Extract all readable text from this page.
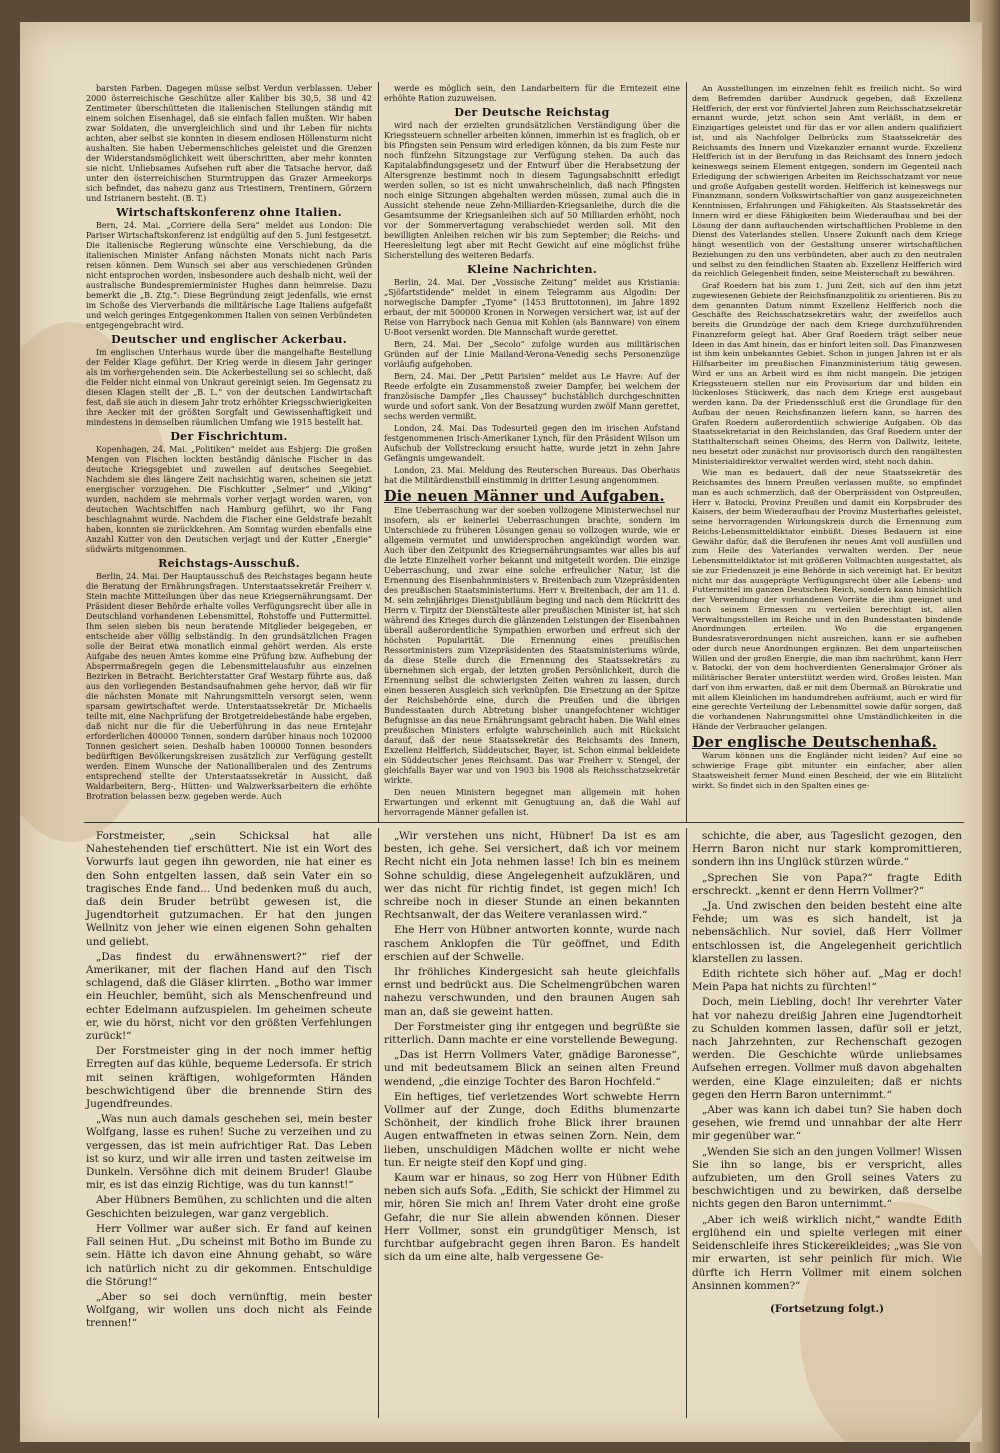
barsten Farben. Dagegen müsse selbst Verdun verblassen. Ueber 2000 österreichische Geschütze aller Kaliber bis 30,5, 38 und 42 Zentimeter überschütteten die italienischen Stellungen ständig mit einem solchen Eisenhagel, daß sie einfach fallen mußten. Wir haben zwar Soldaten, die unvergleichlich sind und ihr Leben für nichts achten, aber selbst sie konnten in diesem endlosen Höllensturm nicht aushalten. Sie haben Uebermenschliches geleistet und die Grenzen der Widerstandsmöglichkeit weit überschritten, aber mehr konnten sie nicht. Unliebsames Aufsehen ruft aber die Tatsache hervor, daß unter den österreichischen Sturmtruppen das Grazer Armeekorps sich befindet, das nahezu ganz aus Triestinern, Trentinern, Görzern und Istrianern besteht. (B. T.)

Wirtschaftskonferenz ohne Italien.

Bern, 24. Mai. „Corriere della Sera“ meldet aus London: Die Pariser Wirtschaftskonferenz ist endgültig auf den 5. Juni festgesetzt. Die italienische Regierung wünschte eine Verschiebung, da die italienischen Minister Anfang nächsten Monats nicht nach Paris reisen können. Dem Wunsch sei aber aus verschiedenen Gründen nicht entsprochen worden, insbesondere auch deshalb nicht, weil der australische Bundespremierminister Hughes dann heimreise. Dazu bemerkt die „B. Ztg.“: Diese Begründung zeigt jedenfalls, wie ernst im Schoße des Vierverbands die militärische Lage Italiens aufgefaßt und welch geringes Entgegenkommen Italien von seinen Verbündeten entgegengebracht wird.

Deutscher und englischer Ackerbau.

Im englischen Unterhaus wurde über die mangelhafte Bestellung der Felder Klage geführt. Der Krieg werde in diesem Jahr geringer als im vorhergehenden sein. Die Ackerbestellung sei so schlecht, daß die Felder nicht einmal von Unkraut gereinigt seien. Im Gegensatz zu diesen Klagen stellt der „B. L.“ von der deutschen Landwirtschaft fest, daß sie auch in diesem Jahr trotz erhöhter Kriegsschwierigkeiten ihre Aecker mit der größten Sorgfalt und Gewissenhaftigkeit und mindestens in demselben räumlichen Umfang wie 1915 bestellt hat.

Der Fischrichtum.

Kopenhagen, 24. Mai. „Politiken“ meldet aus Esbjerg: Die großen Mengen von Fischen lockten beständig dänische Fischer in das deutsche Kriegsgebiet und zuweilen auf deutsches Seegebiet. Nachdem sie dies längere Zeit nachsichtig waren, scheinen sie jetzt energischer vorzugehen. Die Fischkutter „Selmer“ und „Viking“ wurden, nachdem sie mehrmals vorher verjagt worden waren, von deutschen Wachtschiffen nach Hamburg geführt, wo ihr Fang beschlagnahmt wurde. Nachdem die Fischer eine Geldstrafe bezahlt haben, konnten sie zurückkehren. Am Sonntag wurden ebenfalls eine Anzahl Kutter von den Deutschen verjagt und der Kutter „Energie“ südwärts mitgenommen.

Reichstags-Ausschuß.

Berlin, 24. Mai. Der Hauptausschuß des Reichstages begann heute die Beratung der Ernährungsfragen. Unterstaatssekretär Freiherr v. Stein machte Mitteilungen über das neue Kriegsernährungsamt. Der Präsident dieser Behörde erhalte volles Verfügungsrecht über alle in Deutschland vorhandenen Lebensmittel, Rohstoffe und Futtermittel. Ihm seien sieben bis neun beratende Mitglieder beigegeben, er entscheide aber völlig selbständig. In den grundsätzlichen Fragen solle der Beirat etwa monatlich einmal gehört werden. Als erste Aufgabe des neuen Amtes komme eine Prüfung bzw. Aufhebung der Absperrmaßregeln gegen die Lebensmittelausfuhr aus einzelnen Bezirken in Betracht. Berichterstatter Graf Westarp führte aus, daß aus den vorliegenden Bestandsaufnahmen gehe hervor, daß wir für die nächsten Monate mit Nahrungsmitteln versorgt seien, wenn sparsam gewirtschaftet werde. Unterstaatssekretär Dr. Michaelis teilte mit, eine Nachprüfung der Brotgetreidebestände habe ergeben, daß nicht nur die für die Ueberführung in das neue Erntejahr erforderlichen 400000 Tonnen, sondern darüber hinaus noch 102000 Tonnen gesichert seien. Deshalb haben 100000 Tonnen besonders bedürftigen Bevölkerungskreisen zusätzlich zur Verfügung gestellt werden. Einem Wunsche der Nationalliberalen und des Zentrums entsprechend stellte der Unterstaatssekretär in Aussicht, daß Waldarbeitern, Berg-, Hütten- und Walzwerksarbeitern die erhöhte Brotration belassen bezw. gegeben werde. Auch

werde es möglich sein, den Landarbeitern für die Erntezeit eine erhöhte Ration zuzuweisen.

Der Deutsche Reichstag

wird nach der erzielten grundsätzlichen Verständigung über die Kriegssteuern schneller arbeiten können, immerhin ist es fraglich, ob er bis Pfingsten sein Pensum wird erledigen können, da bis zum Feste nur noch fünfzehn Sitzungstage zur Verfügung stehen. Da auch das Kapitalabfindungsgesetz und der Entwurf über die Herabsetzung der Altersgrenze bestimmt noch in diesem Tagungsabschnitt erledigt werden sollen, so ist es nicht unwahrscheinlich, daß nach Pfingsten noch einige Sitzungen abgehalten werden müssen, zumal auch die in Aussicht stehende neue Zehn-Milliarden-Kriegsanleihe, durch die die Gesamtsumme der Kriegsanleihen sich auf 50 Milliarden erhöht, noch vor der Sommervertagung verabschiedet werden soll. Mit den bewilligten Anleihen reichen wir bis zum September; die Reichs- und Heeresleitung legt aber mit Recht Gewicht auf eine möglichst frühe Sicherstellung des weiteren Bedarfs.

Kleine Nachrichten.

Berlin, 24. Mai. Der „Vossische Zeitung“ meldet aus Kristiania: „Sjöfartstidende“ meldet in einem Telegramm aus Algodin: Der norwegische Dampfer „Tyome“ (1453 Bruttotonnen), im Jahre 1892 erbaut, der mit 500000 Kronen in Norwegen versichert war, ist auf der Reise von Harrybock nach Genua mit Kohlen (als Bannware) von einem U-Boot versenkt worden. Die Mannschaft wurde gerettet.

Bern, 24. Mai. Der „Secolo“ zufolge wurden aus militärischen Gründen auf der Linie Mailand-Verona-Venedig sechs Personenzüge vorläufig aufgehoben.

Bern, 24. Mai. Der „Petit Parisien“ meldet aus Le Havre: Auf der Reede erfolgte ein Zusammenstoß zweier Dampfer, bei welchem der französische Dampfer „Iles Chaussey“ buchstäblich durchgeschnitten wurde und sofort sank. Von der Besatzung wurden zwölf Mann gerettet, sechs werden vermißt.

London, 24. Mai. Das Todesurteil gegen den im irischen Aufstand festgenommenen Irisch-Amerikaner Lynch, für den Präsident Wilson um Aufschub der Vollstreckung ersucht hatte, wurde jetzt in zehn Jahre Gefängnis umgewandelt.

London, 23. Mai. Meldung des Reuterschen Bureaus. Das Oberhaus hat die Militärdienstbill einstimmig in dritter Lesung angenommen.

Die neuen Männer und Aufgaben.

Eine Ueberraschung war der soeben vollzogene Ministerwechsel nur insofern, als er keinerlei Ueberraschungen brachte, sondern im Unterschiede zu früheren Lösungen genau so vollzogen wurde, wie er allgemein vermutet und unwidersprochen angekündigt worden war. Auch über den Zeitpunkt des Kriegsernährungsamtes war alles bis auf die letzte Einzelheit vorher bekannt und mitgeteilt worden. Die einzige Ueberraschung, und zwar eine solche erfreulicher Natur, ist die Ernennung des Eisenbahnministers v. Breitenbach zum Vizepräsidenten des preußischen Staatsministeriums. Herr v. Breitenbach, der am 11. d. M. sein zehnjähriges Dienstjubiläum beging und nach dem Rücktritt des Herrn v. Tirpitz der Dienstälteste aller preußischen Minister ist, hat sich während des Krieges durch die glänzenden Leistungen der Eisenbahnen überall außerordentliche Sympathien erworben und erfreut sich der höchsten Popularität. Die Ernennung eines preußischen Ressortministers zum Vizepräsidenten des Staatsministeriums würde, da diese Stelle durch die Ernennung des Staatssekretärs zu übernehmen sich ergab, der letzten großen Persönlichkeit, durch die Ernennung selbst die schwierigsten Zeiten wahren zu lassen, durch einen besseren Ausgleich sich verknüpfen. Die Ersetzung an der Spitze der Reichsbehörde eine, durch die Preußen und die übrigen Bundesstaaten durch Abtretung bisher unangefochtener wichtiger Befugnisse an das neue Ernährungsamt gebracht haben. Die Wahl eines preußischen Ministers erfolgte wahrscheinlich auch mit Rücksicht darauf, daß der neue Staatssekretär des Reichsamts des Innern, Exzellenz Helfferich, Süddeutscher, Bayer, ist. Schon einmal bekleidete ein Süddeutscher jenes Reichsamt. Das war Freiherr v. Stengel, der gleichfalls Bayer war und von 1903 bis 1908 als Reichsschatzsekretär wirkte.

Den neuen Ministern begegnet man allgemein mit hohen Erwartungen und erkennt mit Genugtuung an, daß die Wahl auf hervorragende Männer gefallen ist.

An Ausstellungen im einzelnen fehlt es freilich nicht. So wird dem Befremden darüber Ausdruck gegeben, daß Exzellenz Helfferich, der erst vor fünfviertel Jahren zum Reichsschatzsekretär ernannt wurde, jetzt schon sein Amt verläßt, in dem er Einzigartiges geleistet und für das er vor allen andern qualifiziert ist, und als Nachfolger Delbrücks zum Staatssekretär des Reichsamts des Innern und Vizekanzler ernannt wurde. Exzellenz Helfferich ist in der Berufung in das Reichsamt des Innern jedoch keineswegs seinem Element entgegen, sondern im Gegenteil nach Erledigung der schwierigen Arbeiten im Reichsschatzamt vor neue und große Aufgaben gestellt worden. Helfferich ist keineswegs nur Finanzmann, sondern Volkswirtschaftler von ganz ausgezeichneten Kenntnissen, Erfahrungen und Fähigkeiten. Als Staatssekretär des Innern wird er diese Fähigkeiten beim Wiederaufbau und bei der Lösung der dann auftauchenden wirtschaftlichen Probleme in den Dienst des Vaterlandes stellen. Unsere Zukunft nach dem Kriege hängt wesentlich von der Gestaltung unserer wirtschaftlichen Beziehungen zu den uns verbündeten, aber auch zu den neutralen und selbst zu den feindlichen Staaten ab. Exzellenz Helfferich wird da reichlich Gelegenheit finden, seine Meisterschaft zu bewähren.

Graf Roedern hat bis zum 1. Juni Zeit, sich auf den ihm jetzt zugewiesenen Gebiete der Reichsfinanzpolitik zu orientieren. Bis zu dem genannten Datum nimmt Exzellenz Helfferich noch die Geschäfte des Reichsschatzsekretärs wahr, der zweifellos auch bereits die Grundzüge der nach dem Kriege durchzuführenden Finanzreform gelegt hat. Aber Graf Roedern trägt selber neue Ideen in das Amt hinein, das er hinfort leiten soll. Das Finanzwesen ist ihm kein unbekanntes Gebiet. Schon in jungen Jahren ist er als Hilfsarbeiter im preußischen Finanzministerium tätig gewesen. Wird er uns an Arbeit wird es ihm nicht mangeln. Die jetzigen Kriegssteuern stellen nur ein Provisorium dar und bilden ein lückenloses Stückwerk, das nach dem Kriege erst ausgebaut werden kann. Da der Friedensschluß erst die Grundlage für den Aufbau der neuen Reichsfinanzen liefern kann, so harren des Grafen Roedern außerordentlich schwierige Aufgaben. Ob das Staatssekretariat in den Reichslanden, das Graf Roedern unter der Statthalterschaft seines Oheims, des Herrn von Dallwitz, leitete, neu besetzt oder zunächst nur provisorisch durch den rangältesten Ministerialdirektor verwaltet werden wird, steht noch dahin.

Wie man es bedauert, daß der neue Staatssekretär des Reichsamtes des Innern Preußen verlassen mußte, so empfindet man es auch schmerzlich, daß der Oberpräsident von Ostpreußen, Herr v. Batocki, Provinz Preußen und damit ein Korpsbruder des Kaisers, der beim Wiederaufbau der Provinz Musterhaftes geleistet, seine hervorragenden Wirkungskreis durch die Ernennung zum Reichs-Lebensmitteldiktator einbüßt. Dieses Bedauern ist eine Gewähr dafür, daß die Berufenen ihr neues Amt voll ausfüllen und zum Heile des Vaterlandes verwalten werden. Der neue Lebensmitteldiktator ist mit größeren Vollmachten ausgestattet, als sie zur Friedenszeit je eine Behörde in sich vereinigt hat. Er besitzt nicht nur das ausgeprägte Verfügungsrecht über alle Lebens- und Futtermittel im ganzen Deutschen Reich, sondern kann hinsichtlich der Verwendung der vorhandenen Vorräte die ihm geeignet und nach seinem Ermessen zu verteilen berechtigt ist, allen Verwaltungsstellen im Reiche und in den Bundesstaaten bindende Anordnungen erteilen. Wo die ergangenen Bundesratsverordnungen nicht ausreichen, kann er sie aufheben oder durch neue Anordnungen ergänzen. Bei dem unparteiischen Willen und der großen Energie, die man ihm nachrühmt, kann Herr v. Batocki, der von dem hochverdienten Generalmajor Gröner als militärischer Berater unterstützt werden wird, Großes leisten. Man darf von ihm erwarten, daß er mit dem Übermaß an Bürokratie und mit allem Kleinlichen im handumdrehen aufräumt, auch er wird für eine gerechte Verteilung der Lebensmittel sowie dafür sorgen, daß die vorhandenen Nahrungsmittel ohne Umständlichkeiten in die Hände der Verbraucher gelangen.

Der englische Deutschenhaß.

Warum können uns die Engländer nicht leiden? Auf eine so schwierige Frage gibt mitunter ein einfacher, aber allen Staatsweisheit ferner Mund einen Bescheid, der wie ein Blitzlicht wirkt. So findet sich in den Spalten eines ge-

Forstmeister, „sein Schicksal hat alle Nahestehenden tief erschüttert. Nie ist ein Wort des Vorwurfs laut gegen ihn geworden, nie hat einer es den Sohn entgelten lassen, daß sein Vater ein so tragisches Ende fand... Und bedenken muß du auch, daß dein Bruder betrübt gewesen ist, die Jugendtorheit gutzumachen. Er hat den jungen Wellnitz von jeher wie einen eigenen Sohn gehalten und geliebt.

„Das findest du erwähnenswert?“ rief der Amerikaner, mit der flachen Hand auf den Tisch schlagend, daß die Gläser klirrten. „Botho war immer ein Heuchler, bemüht, sich als Menschenfreund und echter Edelmann aufzuspielen. Im geheimen scheute er, wie du hörst, nicht vor den größten Verfehlungen zurück!“

Der Forstmeister ging in der noch immer heftig Erregten auf das kühle, bequeme Ledersofa. Er strich mit seinen kräftigen, wohlgeformten Händen beschwichtigend über die brennende Stirn des Jugendfreundes.

„Was nun auch damals geschehen sei, mein bester Wolfgang, lasse es ruhen! Suche zu verzeihen und zu vergessen, das ist mein aufrichtiger Rat. Das Leben ist so kurz, und wir alle irren und tasten zeitweise im Dunkeln. Versöhne dich mit deinem Bruder! Glaube mir, es ist das einzig Richtige, was du tun kannst!“

Aber Hübners Bemühen, zu schlichten und die alten Geschichten beizulegen, war ganz vergeblich.

Herr Vollmer war außer sich. Er fand auf keinen Fall seinen Hut. „Du scheinst mit Botho im Bunde zu sein. Hätte ich davon eine Ahnung gehabt, so wäre ich natürlich nicht zu dir gekommen. Entschuldige die Störung!“

„Aber so sei doch vernünftig, mein bester Wolfgang, wir wollen uns doch nicht als Feinde trennen!“

„Wir verstehen uns nicht, Hübner! Da ist es am besten, ich gehe. Sei versichert, daß ich vor meinem Recht nicht ein Jota nehmen lasse! Ich bin es meinem Sohne schuldig, diese Angelegenheit aufzuklären, und wer das nicht für richtig findet, ist gegen mich! Ich schreibe noch in dieser Stunde an einen bekannten Rechtsanwalt, der das Weitere veranlassen wird.“

Ehe Herr von Hübner antworten konnte, wurde nach raschem Anklopfen die Tür geöffnet, und Edith erschien auf der Schwelle.

Ihr fröhliches Kindergesicht sah heute gleichfalls ernst und bedrückt aus. Die Schelmengrübchen waren nahezu verschwunden, und den braunen Augen sah man an, daß sie geweint hatten.

Der Forstmeister ging ihr entgegen und begrüßte sie ritterlich. Dann machte er eine vorstellende Bewegung.

„Das ist Herrn Vollmers Vater, gnädige Baronesse“, und mit bedeutsamem Blick an seinen alten Freund wendend, „die einzige Tochter des Baron Hochfeld.“

Ein heftiges, tief verletzendes Wort schwebte Herrn Vollmer auf der Zunge, doch Ediths blumenzarte Schönheit, der kindlich frohe Blick ihrer braunen Augen entwaffneten in etwas seinen Zorn. Nein, dem lieben, unschuldigen Mädchen wollte er nicht wehe tun. Er neigte steif den Kopf und ging.

Kaum war er hinaus, so zog Herr von Hübner Edith neben sich aufs Sofa. „Edith, Sie schickt der Himmel zu mir, hören Sie mich an! Ihrem Vater droht eine große Gefahr, die nur Sie allein abwenden können. Dieser Herr Vollmer, sonst ein grundgütiger Mensch, ist furchtbar aufgebracht gegen ihren Baron. Es handelt sich da um eine alte, halb vergessene Ge-

schichte, die aber, aus Tageslicht gezogen, den Herrn Baron nicht nur stark kompromittieren, sondern ihn ins Unglück stürzen würde.“

„Sprechen Sie von Papa?“ fragte Edith erschreckt. „kennt er denn Herrn Vollmer?“

„Ja. Und zwischen den beiden besteht eine alte Fehde; um was es sich handelt, ist ja nebensächlich. Nur soviel, daß Herr Vollmer entschlossen ist, die Angelegenheit gerichtlich klarstellen zu lassen.

Edith richtete sich höher auf. „Mag er doch! Mein Papa hat nichts zu fürchten!“

Doch, mein Liebling, doch! Ihr verehrter Vater hat vor nahezu dreißig Jahren eine Jugendtorheit zu Schulden kommen lassen, dafür soll er jetzt, nach Jahrzehnten, zur Rechenschaft gezogen werden. Die Geschichte würde unliebsames Aufsehen erregen. Vollmer muß davon abgehalten werden, eine Klage einzuleiten; daß er nichts gegen den Herrn Baron unternimmt.“

„Aber was kann ich dabei tun? Sie haben doch gesehen, wie fremd und unnahbar der alte Herr mir gegenüber war.“

„Wenden Sie sich an den jungen Vollmer! Wissen Sie ihn so lange, bis er verspricht, alles aufzubieten, um den Groll seines Vaters zu beschwichtigen und zu bewirken, daß derselbe nichts gegen den Baron unternimmt.“

„Aber ich weiß wirklich nicht,“ wandte Edith erglühend ein und spielte verlegen mit einer Seidenschleife ihres Stickereikleides; „was Sie von mir erwarten, ist sehr peinlich für mich. Wie dürfte ich Herrn Vollmer mit einem solchen Ansinnen kommen?“

(Fortsetzung folgt.)
